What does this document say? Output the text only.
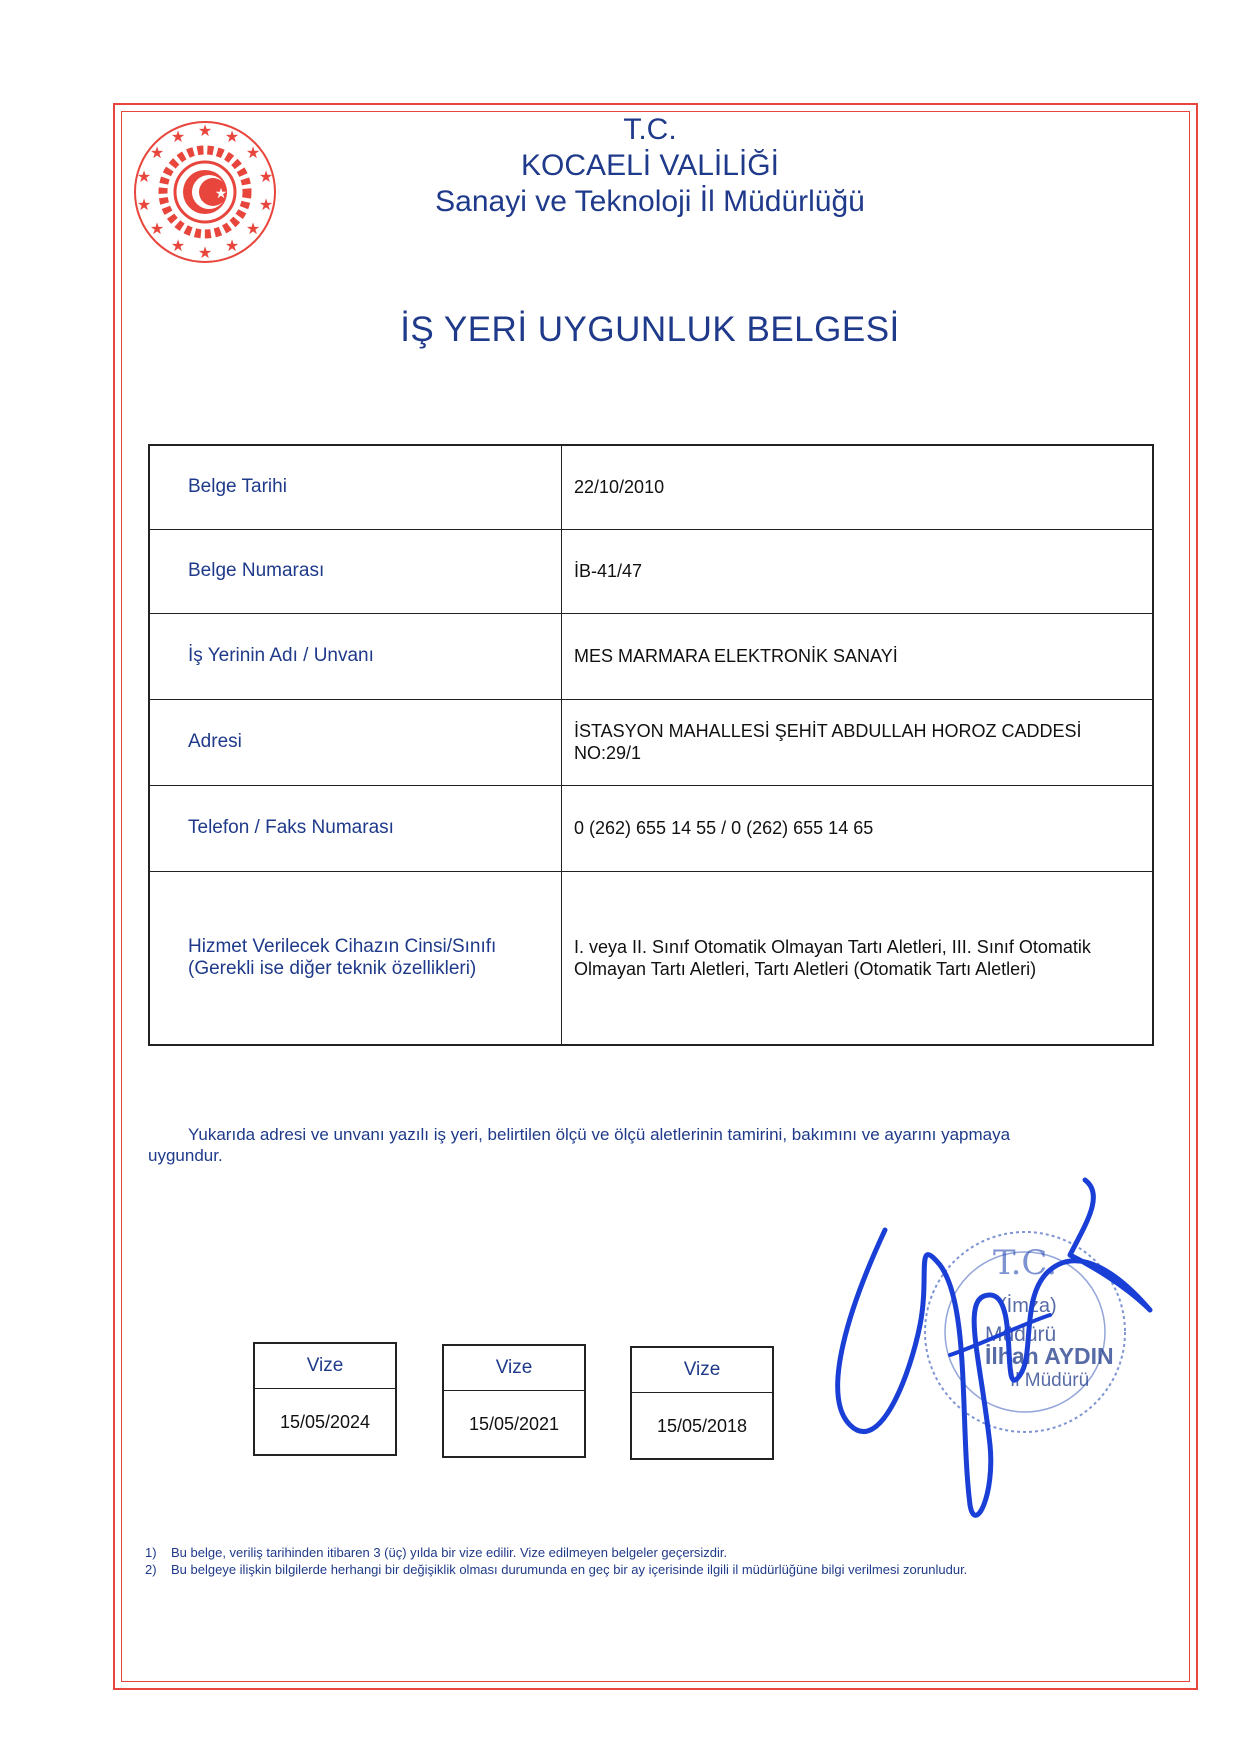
★ ★
★
★
★
★
★
★
★
★
★
★
★
★
★
T.C.
KOCAELİ VALİLİĞİ
Sanayi ve Teknoloji İl Müdürlüğü
İŞ YERİ UYGUNLUK BELGESİ
Belge Tarihi	22/10/2010
Belge Numarası	İB-41/47
İş Yerinin Adı / Unvanı	MES MARMARA ELEKTRONİK SANAYİ
Adresi	İSTASYON MAHALLESİ ŞEHİT ABDULLAH HOROZ CADDESİ NO:29/1
Telefon / Faks Numarası	0 (262) 655 14 55 / 0 (262) 655 14 65
Hizmet Verilecek Cihazın Cinsi/Sınıfı (Gerekli ise diğer teknik özellikleri)	I. veya II. Sınıf Otomatik Olmayan Tartı Aletleri, III. Sınıf Otomatik Olmayan Tartı Aletleri, Tartı Aletleri (Otomatik Tartı Aletleri)
Yukarıda adresi ve unvanı yazılı iş yeri, belirtilen ölçü ve ölçü aletlerinin tamirini, bakımını ve ayarını yapmaya uygundur.
Vize
15/05/2024
Vize
15/05/2021
Vize
15/05/2018
T.C.
(İmza)
Müdürü
İlhan AYDIN
İl Müdürü
1) Bu belge, veriliş tarihinden itibaren 3 (üç) yılda bir vize edilir. Vize edilmeyen belgeler geçersizdir.
2) Bu belgeye ilişkin bilgilerde herhangi bir değişiklik olması durumunda en geç bir ay içerisinde ilgili il müdürlüğüne bilgi verilmesi zorunludur.
